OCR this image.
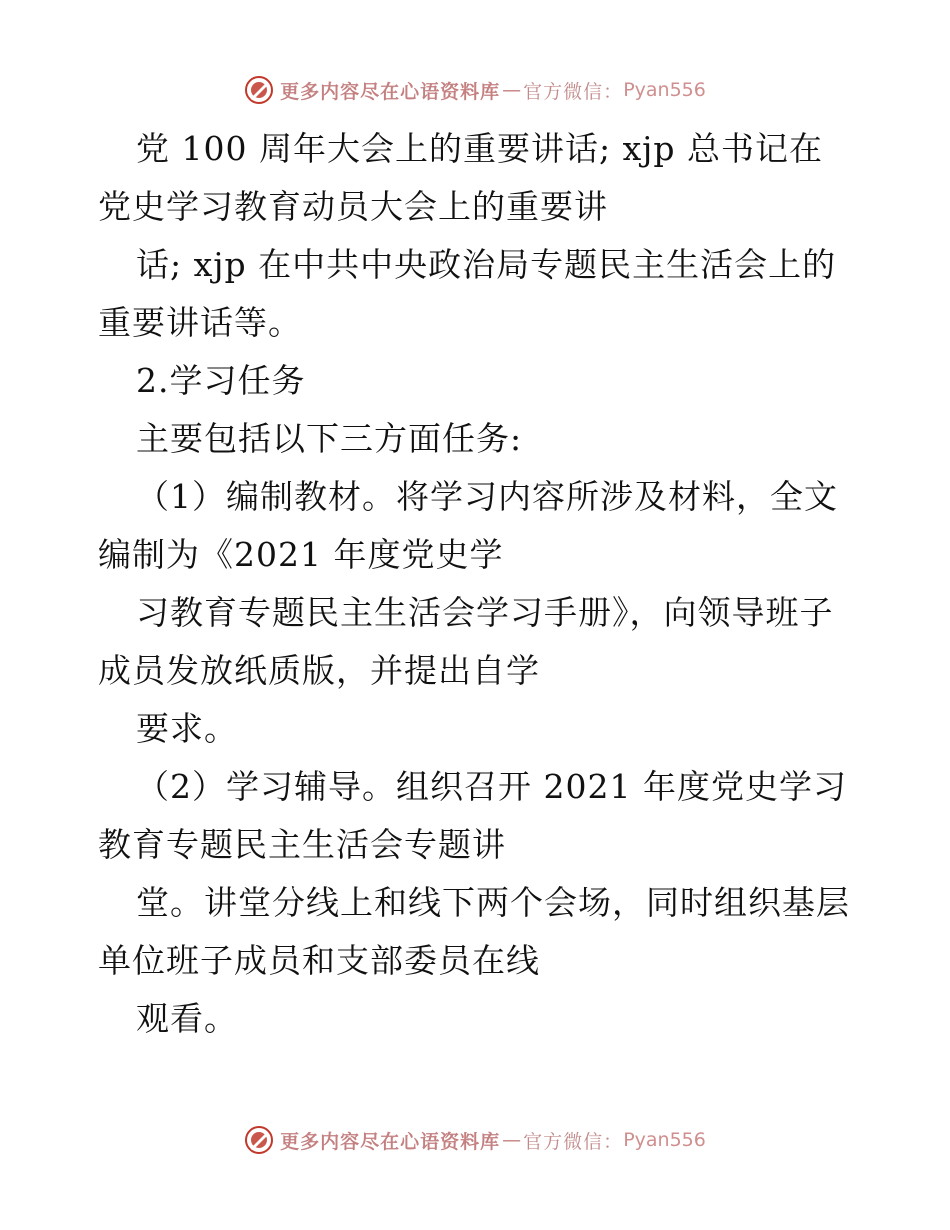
更多内容尽在心语资料库 — 官方微信： Pyan556
党 100 周年大会上的重要讲话; xjp 总书记在
党史学习教育动员大会上的重要讲
话; xjp 在中共中央政治局专题民主生活会上的
重要讲话等。
2.学习任务
主要包括以下三方面任务:
（1）编制教材。将学习内容所涉及材料，全文
编制为《2021 年度党史学
习教育专题民主生活会学习手册》，向领导班子
成员发放纸质版，并提出自学
要求。
（2）学习辅导。组织召开 2021 年度党史学习
教育专题民主生活会专题讲
堂。讲堂分线上和线下两个会场，同时组织基层
单位班子成员和支部委员在线
观看。
更多内容尽在心语资料库 — 官方微信： Pyan556
